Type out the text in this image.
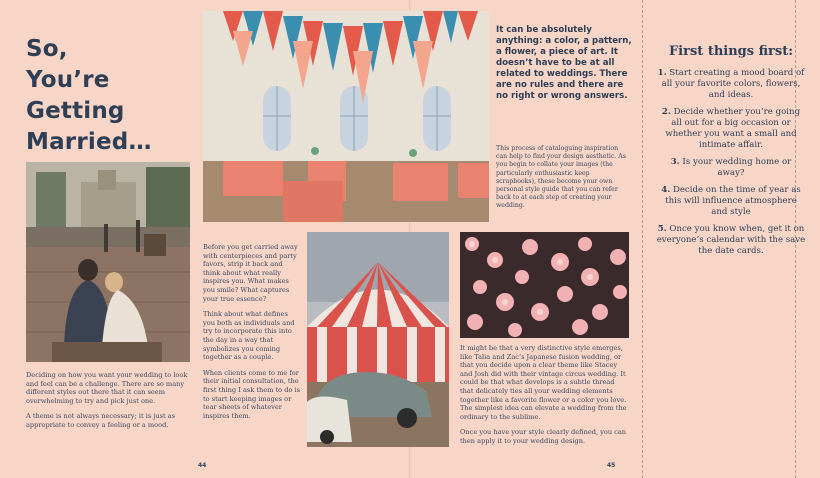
So,
You’re
Getting
Married…

Deciding on how you want your wedding to look and feel can be a challenge. There are so many different styles out there that it can seem overwhelming to try and pick just one.

A theme is not always necessary; it is just as appropriate to convey a feeling or a mood.

It can be absolutely anything: a color, a pattern, a flower, a piece of art. It doesn’t have to be at all related to weddings. There are no rules and there are no right or wrong answers.
This process of cataloguing inspiration can help to find your design aesthetic. As you begin to collate your images (the particularly enthusiastic keep scrapbooks), these become your own personal style guide that you can refer back to at each step of creating your wedding.

Before you get carried away with centerpieces and party favors, strip it back and think about what really inspires you. What makes you smile? What captures your true essence?

Think about what defines you both as individuals and try to incorporate this into the day in a way that symbolizes you coming together as a couple.

When clients come to me for their initial consultation, the first thing I ask them to do is to start keeping images or tear sheets of whatever inspires them.

It might be that a very distinctive style emerges, like Talia and Zac’s Japanese fusion wedding, or that you decide upon a clear theme like Stacey and Josh did with their vintage circus wedding. It could be that what develops is a subtle thread that delicately ties all your wedding elements together like a favorite flower or a color you love. The simplest idea can elevate a wedding from the ordinary to the sublime.

Once you have your style clearly defined, you can then apply it to your wedding design.

First things first:
1. Start creating a mood board of all your favorite colors, flowers, and ideas.
2. Decide whether you’re going all out for a big occasion or whether you want a small and intimate affair.
3. Is your wedding home or away?
4. Decide on the time of year as this will influence atmosphere and style
5. Once you know when, get it on everyone’s calendar with the save the date cards.
44	45
